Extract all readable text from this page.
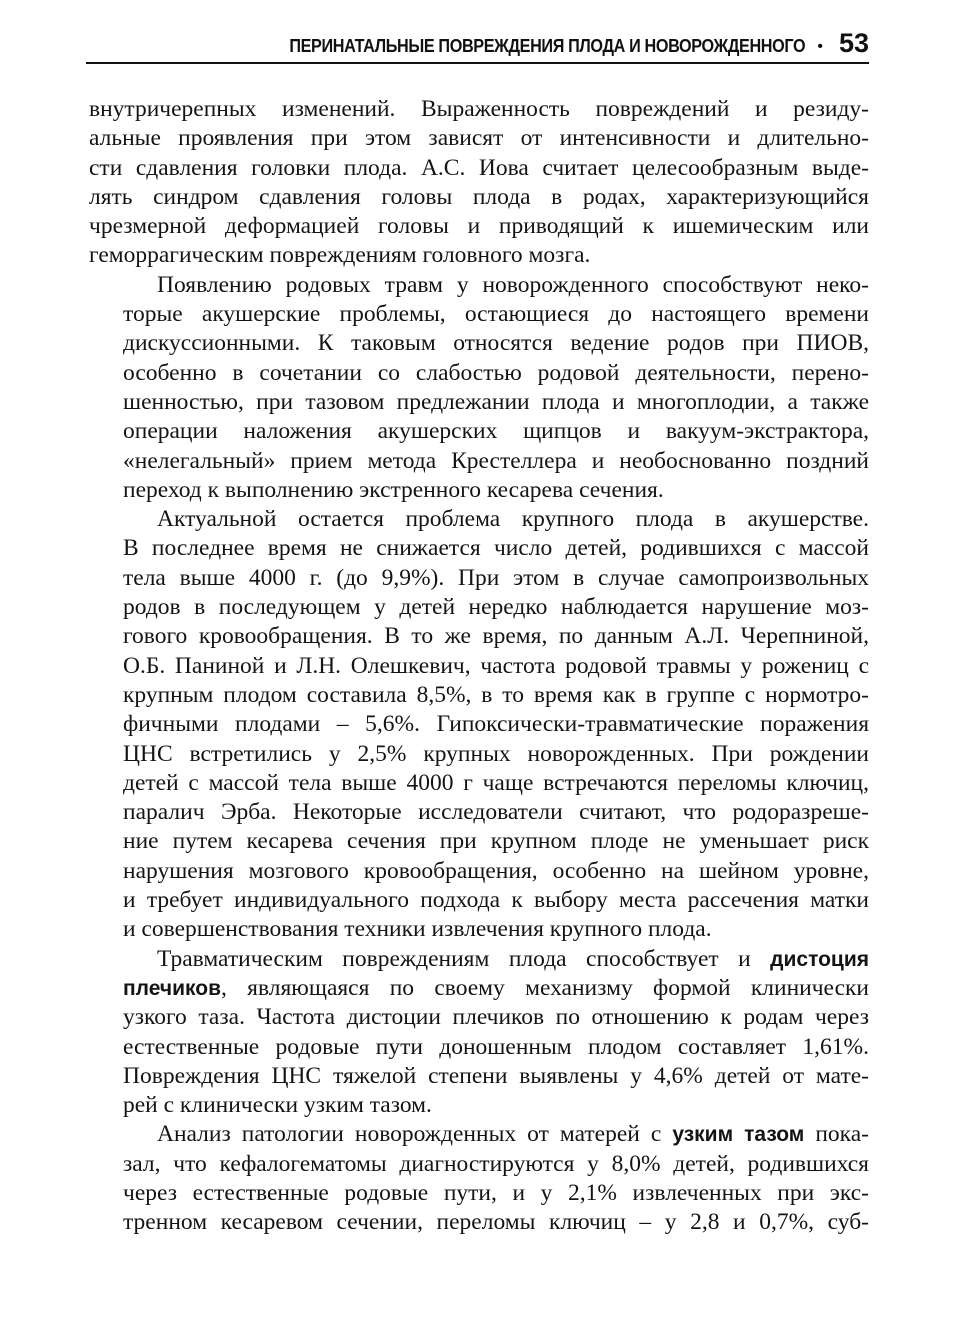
ПЕРИНАТАЛЬНЫЕ ПОВРЕЖДЕНИЯ ПЛОДА И НОВОРОЖДЕННОГО • 53
внутричерепных изменений. Выраженность повреждений и резиду-
альные проявления при этом зависят от интенсивности и длительно-
сти сдавления головки плода. А.С. Иова считает целесообразным выде-
лять синдром сдавления головы плода в родах, характеризующийся
чрезмерной деформацией головы и приводящий к ишемическим или
геморрагическим повреждениям головного мозга.
Появлению родовых травм у новорожденного способствуют неко-
торые акушерские проблемы, остающиеся до настоящего времени
дискуссионными. К таковым относятся ведение родов при ПИОВ,
особенно в сочетании со слабостью родовой деятельности, перено-
шенностью, при тазовом предлежании плода и многоплодии, а также
операции наложения акушерских щипцов и вакуум-экстрактора,
«нелегальный» прием метода Крестеллера и необоснованно поздний
переход к выполнению экстренного кесарева сечения.
Актуальной остается проблема крупного плода в акушерстве.
В последнее время не снижается число детей, родившихся с массой
тела выше 4000 г. (до 9,9%). При этом в случае самопроизвольных
родов в последующем у детей нередко наблюдается нарушение моз-
гового кровообращения. В то же время, по данным А.Л. Черепниной,
О.Б. Паниной и Л.Н. Олешкевич, частота родовой травмы у рожениц с
крупным плодом составила 8,5%, в то время как в группе с нормотро-
фичными плодами – 5,6%. Гипоксически-травматические поражения
ЦНС встретились у 2,5% крупных новорожденных. При рождении
детей с массой тела выше 4000 г чаще встречаются переломы ключиц,
паралич Эрба. Некоторые исследователи считают, что родоразреше-
ние путем кесарева сечения при крупном плоде не уменьшает риск
нарушения мозгового кровообращения, особенно на шейном уровне,
и требует индивидуального подхода к выбору места рассечения матки
и совершенствования техники извлечения крупного плода.
Травматическим повреждениям плода способствует и дистоция
плечиков, являющаяся по своему механизму формой клинически
узкого таза. Частота дистоции плечиков по отношению к родам через
естественные родовые пути доношенным плодом составляет 1,61%.
Повреждения ЦНС тяжелой степени выявлены у 4,6% детей от мате-
рей с клинически узким тазом.
Анализ патологии новорожденных от матерей с узким тазом пока-
зал, что кефалогематомы диагностируются у 8,0% детей, родившихся
через естественные родовые пути, и у 2,1% извлеченных при экс-
тренном кесаревом сечении, переломы ключиц – у 2,8 и 0,7%, суб-
